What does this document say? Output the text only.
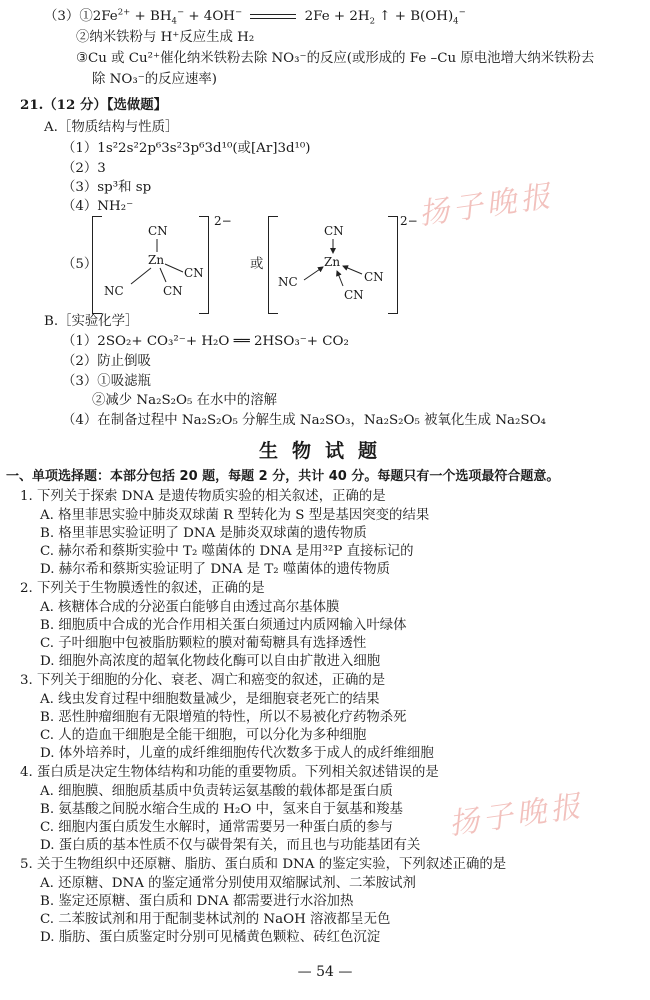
$(3)①2Fe^{2+} + BH_4^- + 4OH^-$	$2Fe + 2H_2$ ↑ + $B(OH)_4^-$
②纳米铁粉与 H⁺反应生成 H₂
③Cu 或 Cu²⁺催化纳米铁粉去除 NO₃⁻的反应(或形成的 Fe –Cu 原电池增大纳米铁粉去
除 NO₃⁻的反应速率)
21.（12 分）【选做题】
A.［物质结构与性质］
（1）1s²2s²2p⁶3s²3p⁶3d¹⁰(或[Ar]3d¹⁰)
（2）3
（3）sp³和 sp
（4）NH₂⁻
（5）
2−
CN
Zn
CN
NC	CN
或
2−
CN
Zn
CN
NC
CN
B.［实验化学］
（1）2SO₂+ CO₃²⁻+ H₂O ══ 2HSO₃⁻+ CO₂
（2）防止倒吸
（3）①吸滤瓶
②减少 Na₂S₂O₅ 在水中的溶解
（4）在制备过程中 Na₂S₂O₅ 分解生成 Na₂SO₃，Na₂S₂O₅ 被氧化生成 Na₂SO₄
生物试题
一、单项选择题：本部分包括 20 题，每题 2 分，共计 40 分。每题只有一个选项最符合题意。
1. 下列关于探索 DNA 是遗传物质实验的相关叙述，正确的是
A. 格里菲思实验中肺炎双球菌 R 型转化为 S 型是基因突变的结果
B. 格里菲思实验证明了 DNA 是肺炎双球菌的遗传物质
C. 赫尔希和蔡斯实验中 T₂ 噬菌体的 DNA 是用³²P 直接标记的
D. 赫尔希和蔡斯实验证明了 DNA 是 T₂ 噬菌体的遗传物质
2. 下列关于生物膜透性的叙述，正确的是
A. 核糖体合成的分泌蛋白能够自由透过高尔基体膜
B. 细胞质中合成的光合作用相关蛋白须通过内质网输入叶绿体
C. 子叶细胞中包被脂肪颗粒的膜对葡萄糖具有选择透性
D. 细胞外高浓度的超氧化物歧化酶可以自由扩散进入细胞
3. 下列关于细胞的分化、衰老、凋亡和癌变的叙述，正确的是
A. 线虫发育过程中细胞数量减少，是细胞衰老死亡的结果
B. 恶性肿瘤细胞有无限增殖的特性，所以不易被化疗药物杀死
C. 人的造血干细胞是全能干细胞，可以分化为多种细胞
D. 体外培养时，儿童的成纤维细胞传代次数多于成人的成纤维细胞
4. 蛋白质是决定生物体结构和功能的重要物质。下列相关叙述错误的是
A. 细胞膜、细胞质基质中负责转运氨基酸的载体都是蛋白质
B. 氨基酸之间脱水缩合生成的 H₂O 中，氢来自于氨基和羧基
C. 细胞内蛋白质发生水解时，通常需要另一种蛋白质的参与
D. 蛋白质的基本性质不仅与碳骨架有关，而且也与功能基团有关
5. 关于生物组织中还原糖、脂肪、蛋白质和 DNA 的鉴定实验，下列叙述正确的是
A. 还原糖、DNA 的鉴定通常分别使用双缩脲试剂、二苯胺试剂
B. 鉴定还原糖、蛋白质和 DNA 都需要进行水浴加热
C. 二苯胺试剂和用于配制斐林试剂的 NaOH 溶液都呈无色
D. 脂肪、蛋白质鉴定时分别可见橘黄色颗粒、砖红色沉淀
扬子晚报
扬子晚报
— 54 —
